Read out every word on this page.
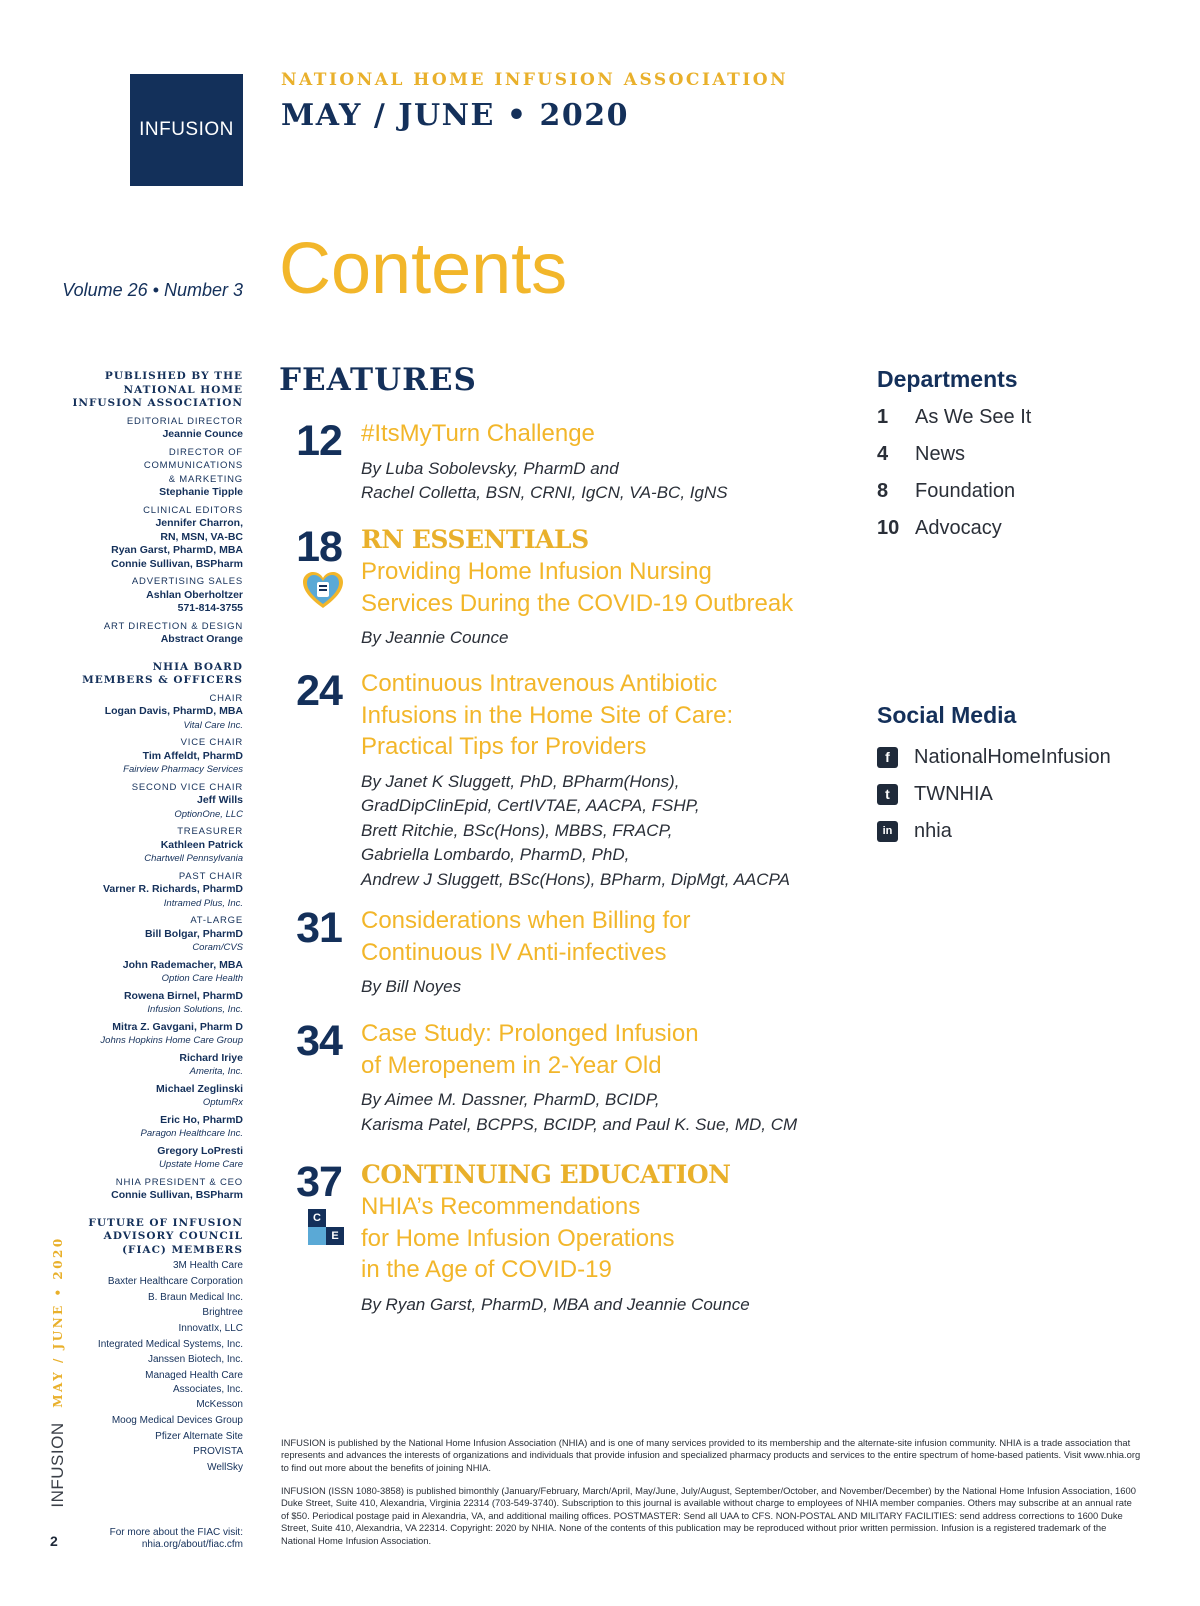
INFUSION
NATIONAL HOME INFUSION ASSOCIATION
MAY / JUNE • 2020
Volume 26 • Number 3 Contents
PUBLISHED BY THE
NATIONAL HOME
INFUSION ASSOCIATION
EDITORIAL DIRECTOR
Jeannie Counce
DIRECTOR OF
COMMUNICATIONS
& MARKETING
Stephanie Tipple
CLINICAL EDITORS
Jennifer Charron,
RN, MSN, VA-BC
Ryan Garst, PharmD, MBA
Connie Sullivan, BSPharm
ADVERTISING SALES
Ashlan Oberholtzer
571-814-3755
ART DIRECTION & DESIGN
Abstract Orange
NHIA BOARD
MEMBERS & OFFICERS
CHAIR
Logan Davis, PharmD, MBA
Vital Care Inc.
VICE CHAIR
Tim Affeldt, PharmD
Fairview Pharmacy Services
SECOND VICE CHAIR
Jeff Wills
OptionOne, LLC
TREASURER
Kathleen Patrick
Chartwell Pennsylvania
PAST CHAIR
Varner R. Richards, PharmD
Intramed Plus, Inc.
AT-LARGE
Bill Bolgar, PharmD
Coram/CVS
John Rademacher, MBA
Option Care Health
Rowena Birnel, PharmD
Infusion Solutions, Inc.
Mitra Z. Gavgani, Pharm D
Johns Hopkins Home Care Group
Richard Iriye
Amerita, Inc.
Michael Zeglinski
OptumRx
Eric Ho, PharmD
Paragon Healthcare Inc.
Gregory LoPresti
Upstate Home Care
NHIA PRESIDENT & CEO
Connie Sullivan, BSPharm
FUTURE OF INFUSION
ADVISORY COUNCIL
(FIAC) MEMBERS
3M Health Care
Baxter Healthcare Corporation
B. Braun Medical Inc.
Brightree
InnovatIx, LLC
Integrated Medical Systems, Inc.
Janssen Biotech, Inc.
Managed Health Care
Associates, Inc.
McKesson
Moog Medical Devices Group
Pfizer Alternate Site
PROVISTA
WellSky
For more about the FIAC visit:
nhia.org/about/fiac.cfm
MAY / JUNE • 2020
INFUSION
2
FEATURES
12 #ItsMyTurn Challenge
By Luba Sobolevsky, PharmD and
Rachel Colletta, BSN, CRNI, IgCN, VA-BC, IgNS
18 RN ESSENTIALS
Providing Home Infusion Nursing
Services During the COVID-19 Outbreak
By Jeannie Counce
24 Continuous Intravenous Antibiotic
Infusions in the Home Site of Care:
Practical Tips for Providers
By Janet K Sluggett, PhD, BPharm(Hons),
GradDipClinEpid, CertIVTAE, AACPA, FSHP,
Brett Ritchie, BSc(Hons), MBBS, FRACP,
Gabriella Lombardo, PharmD, PhD,
Andrew J Sluggett, BSc(Hons), BPharm, DipMgt, AACPA
31 Considerations when Billing for
Continuous IV Anti-infectives
By Bill Noyes
34 Case Study: Prolonged Infusion
of Meropenem in 2-Year Old
By Aimee M. Dassner, PharmD, BCIDP,
Karisma Patel, BCPPS, BCIDP, and Paul K. Sue, MD, CM
37
C
E
CONTINUING EDUCATION
NHIA’s Recommendations
for Home Infusion Operations
in the Age of COVID-19
By Ryan Garst, PharmD, MBA and Jeannie Counce
Departments
1	As We See It
4	News
8	Foundation
10 Advocacy
Social Media
f	NationalHomeInfusion
t	TWNHIA
in nhia
INFUSION is published by the National Home Infusion Association (NHIA) and is one of many services provided to its membership and the alternate-site infusion community. NHIA is a trade association that represents and advances the interests of organizations and individuals that provide infusion and specialized pharmacy products and services to the entire spectrum of home-based patients. Visit www.nhia.org to find out more about the benefits of joining NHIA.
INFUSION (ISSN 1080-3858) is published bimonthly (January/February, March/April, May/June, July/August, September/October, and November/December) by the National Home Infusion Association, 1600 Duke Street, Suite 410, Alexandria, Virginia 22314 (703-549-3740). Subscription to this journal is available without charge to employees of NHIA member companies. Others may subscribe at an annual rate of $50. Periodical postage paid in Alexandria, VA, and additional mailing offices. POSTMASTER: Send all UAA to CFS. NON-POSTAL AND MILITARY FACILITIES: send address corrections to 1600 Duke Street, Suite 410, Alexandria, VA 22314. Copyright: 2020 by NHIA. None of the contents of this publication may be reproduced without prior written permission. Infusion is a registered trademark of the National Home Infusion Association.
